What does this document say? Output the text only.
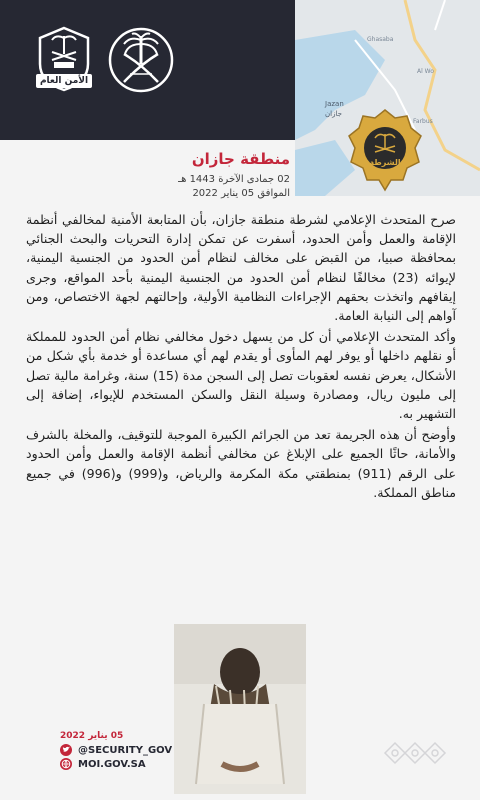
الأمن العام
Ghasaba
Al Wo
Jazan
جازان
Farbus
الشرطة
منطقة جازان
02 جمادى الآخرة 1443 هـ
الموافق 05 يناير 2022

صرح المتحدث الإعلامي لشرطة منطقة جازان، بأن المتابعة الأمنية لمخالفي أنظمة الإقامة والعمل وأمن الحدود، أسفرت عن تمكن إدارة التحريات والبحث الجنائي بمحافظة صبيا، من القبض على مخالف لنظام أمن الحدود من الجنسية اليمنية، لإيوائه (23) مخالفًا لنظام أمن الحدود من الجنسية اليمنية بأحد المواقع، وجرى إيقافهم واتخذت بحقهم الإجراءات النظامية الأولية، وإحالتهم لجهة الاختصاص، ومن آواهم إلى النيابة العامة.

وأكد المتحدث الإعلامي أن كل من يسهل دخول مخالفي نظام أمن الحدود للمملكة أو نقلهم داخلها أو يوفر لهم المأوى أو يقدم لهم أي مساعدة أو خدمة بأي شكل من الأشكال، يعرض نفسه لعقوبات تصل إلى السجن مدة (15) سنة، وغرامة مالية تصل إلى مليون ريال، ومصادرة وسيلة النقل والسكن المستخدم للإيواء، إضافة إلى التشهير به.

وأوضح أن هذه الجريمة تعد من الجرائم الكبيرة الموجبة للتوقيف، والمخلة بالشرف والأمانة، حاثًا الجميع على الإبلاغ عن مخالفي أنظمة الإقامة والعمل وأمن الحدود على الرقم (911) بمنطقتي مكة المكرمة والرياض، و(999) و(996) في جميع مناطق المملكة.

05 يناير 2022
@SECURITY_GOV
MOI.GOV.SA
